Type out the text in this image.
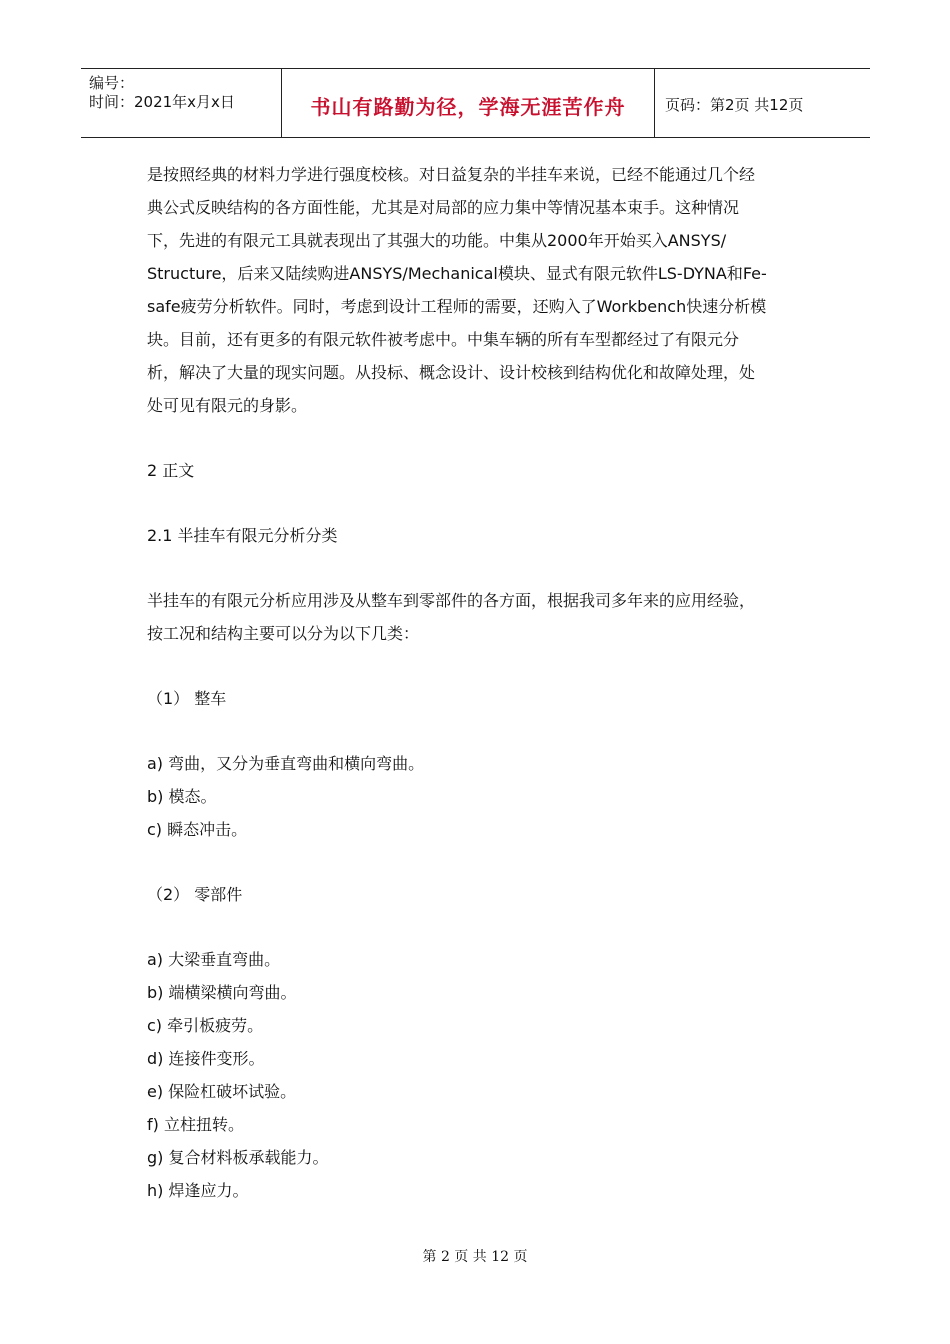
编号：
时间：2021年x月x日	书山有路勤为径，学海无涯苦作舟	页码：第2页 共12页

是按照经典的材料力学进行强度校核。对日益复杂的半挂车来说，已经不能通过几个经

典公式反映结构的各方面性能，尤其是对局部的应力集中等情况基本束手。这种情况

下，先进的有限元工具就表现出了其强大的功能。中集从2000年开始买入ANSYS/

Structure，后来又陆续购进ANSYS/Mechanical模块、显式有限元软件LS-DYNA和Fe-

safe疲劳分析软件。同时，考虑到设计工程师的需要，还购入了Workbench快速分析模

块。目前，还有更多的有限元软件被考虑中。中集车辆的所有车型都经过了有限元分

析，解决了大量的现实问题。从投标、概念设计、设计校核到结构优化和故障处理，处

处可见有限元的身影。

2 正文

2.1 半挂车有限元分析分类

半挂车的有限元分析应用涉及从整车到零部件的各方面，根据我司多年来的应用经验，

按工况和结构主要可以分为以下几类：

（1） 整车

a) 弯曲，又分为垂直弯曲和横向弯曲。

b) 模态。

c) 瞬态冲击。

（2） 零部件

a) 大梁垂直弯曲。

b) 端横梁横向弯曲。

c) 牵引板疲劳。

d) 连接件变形。

e) 保险杠破坏试验。

f) 立柱扭转。

g) 复合材料板承载能力。

h) 焊逢应力。

第 2 页 共 12 页
